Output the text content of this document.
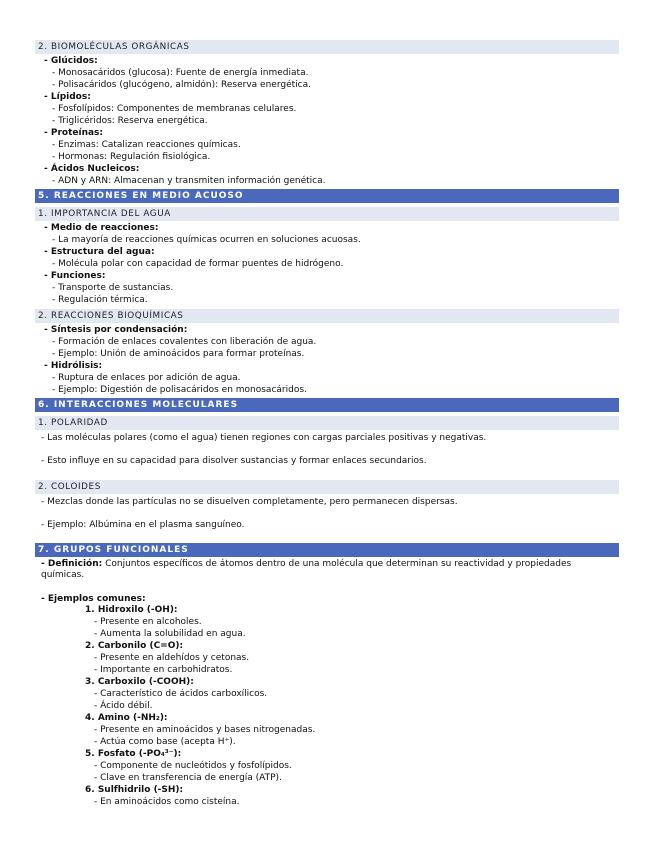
2. BIOMOLÉCULAS ORGÁNICAS
- Glúcidos:
- Monosacáridos (glucosa): Fuente de energía inmediata.
- Polisacáridos (glucógeno, almidón): Reserva energética.
- Lípidos:
- Fosfolípidos: Componentes de membranas celulares.
- Triglicéridos: Reserva energética.
- Proteínas:
- Enzimas: Catalizan reacciones químicas.
- Hormonas: Regulación fisiológica.
- Ácidos Nucleicos:
- ADN y ARN: Almacenan y transmiten información genética.
5. REACCIONES EN MEDIO ACUOSO
1. IMPORTANCIA DEL AGUA
- Medio de reacciones:
- La mayoría de reacciones químicas ocurren en soluciones acuosas.
- Estructura del agua:
- Molécula polar con capacidad de formar puentes de hidrógeno.
- Funciones:
- Transporte de sustancias.
- Regulación térmica.
2. REACCIONES BIOQUÍMICAS
- Síntesis por condensación:
- Formación de enlaces covalentes con liberación de agua.
- Ejemplo: Unión de aminoácidos para formar proteínas.
- Hidrólisis:
- Ruptura de enlaces por adición de agua.
- Ejemplo: Digestión de polisacáridos en monosacáridos.
6. INTERACCIONES MOLECULARES
1. POLARIDAD
- Las moléculas polares (como el agua) tienen regiones con cargas parciales positivas y negativas.
- Esto influye en su capacidad para disolver sustancias y formar enlaces secundarios.
2. COLOIDES
- Mezclas donde las partículas no se disuelven completamente, pero permanecen dispersas.
- Ejemplo: Albúmina en el plasma sanguíneo.
7. GRUPOS FUNCIONALES
- Definición: Conjuntos específicos de átomos dentro de una molécula que determinan su reactividad y propiedades químicas.
- Ejemplos comunes:
1. Hidroxilo (-OH):
- Presente en alcoholes.
- Aumenta la solubilidad en agua.
2. Carbonilo (C=O):
- Presente en aldehídos y cetonas.
- Importante en carbohidratos.
3. Carboxilo (-COOH):
- Característico de ácidos carboxílicos.
- Ácido débil.
4. Amino (-NH₂):
- Presente en aminoácidos y bases nitrogenadas.
- Actúa como base (acepta H⁺).
5. Fosfato (-PO₄³⁻):
- Componente de nucleótidos y fosfolípidos.
- Clave en transferencia de energía (ATP).
6. Sulfhidrilo (-SH):
- En aminoácidos como cisteína.
